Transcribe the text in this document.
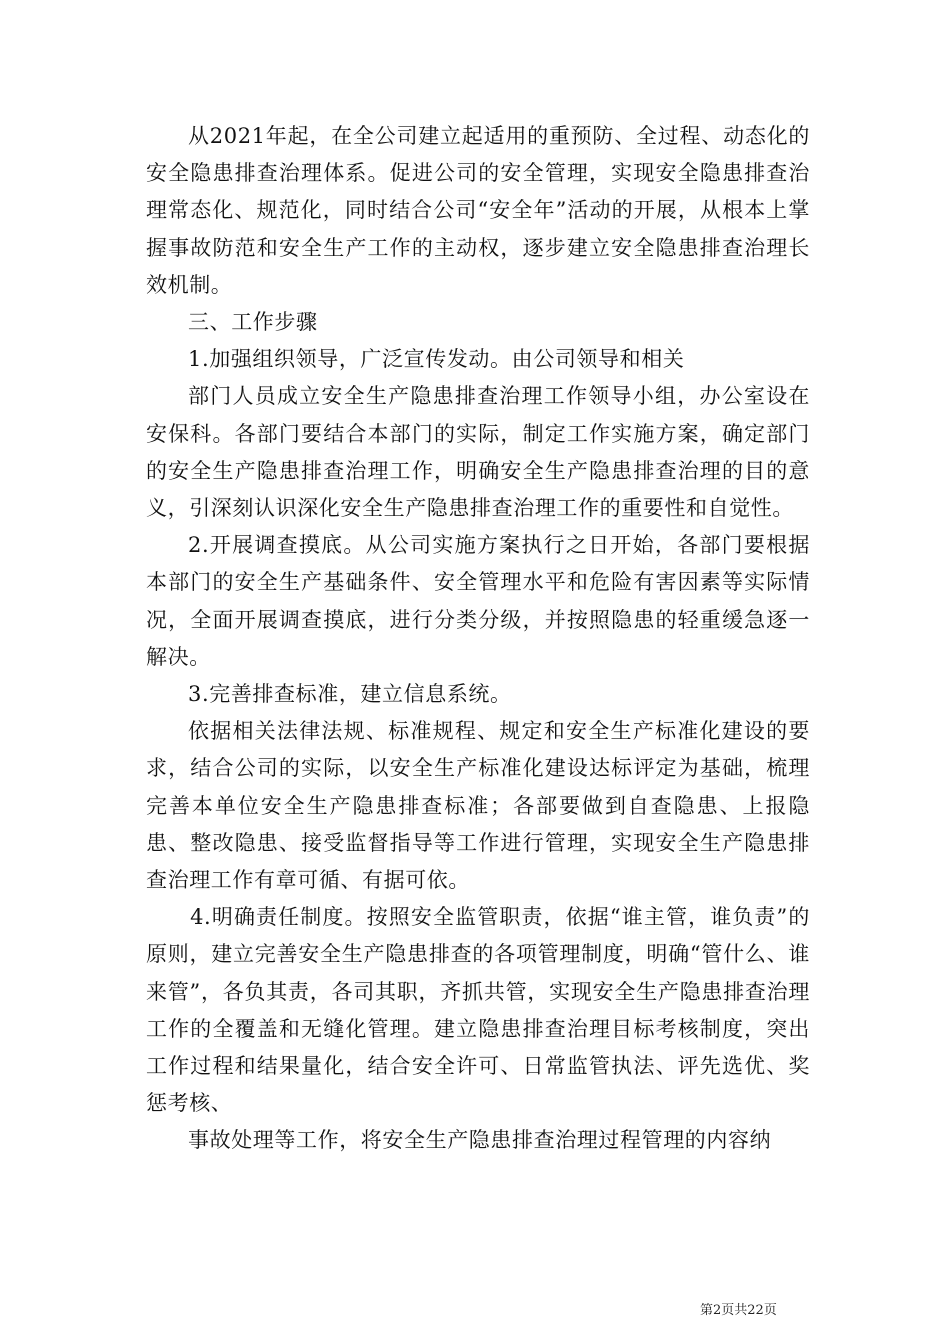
从2021年起，在全公司建立起适用的重预防、全过程、动态化的安全隐患排查治理体系。促进公司的安全管理，实现安全隐患排查治理常态化、规范化，同时结合公司“安全年”活动的开展，从根本上掌握事故防范和安全生产工作的主动权，逐步建立安全隐患排查治理长效机制。

三、工作步骤

1.加强组织领导，广泛宣传发动。由公司领导和相关

部门人员成立安全生产隐患排查治理工作领导小组，办公室设在安保科。各部门要结合本部门的实际，制定工作实施方案，确定部门的安全生产隐患排查治理工作，明确安全生产隐患排查治理的目的意义，引深刻认识深化安全生产隐患排查治理工作的重要性和自觉性。

2.开展调查摸底。从公司实施方案执行之日开始，各部门要根据本部门的安全生产基础条件、安全管理水平和危险有害因素等实际情况，全面开展调查摸底，进行分类分级，并按照隐患的轻重缓急逐一解决。

3.完善排查标准，建立信息系统。

依据相关法律法规、标准规程、规定和安全生产标准化建设的要求，结合公司的实际，以安全生产标准化建设达标评定为基础，梳理完善本单位安全生产隐患排查标准；各部要做到自查隐患、上报隐患、整改隐患、接受监督指导等工作进行管理，实现安全生产隐患排查治理工作有章可循、有据可依。

4.明确责任制度。按照安全监管职责，依据“谁主管，谁负责”的原则，建立完善安全生产隐患排查的各项管理制度，明确“管什么、谁来管”，各负其责，各司其职，齐抓共管，实现安全生产隐患排查治理工作的全覆盖和无缝化管理。建立隐患排查治理目标考核制度，突出工作过程和结果量化，结合安全许可、日常监管执法、评先选优、奖惩考核、

事故处理等工作，将安全生产隐患排查治理过程管理的内容纳

第2页共22页
